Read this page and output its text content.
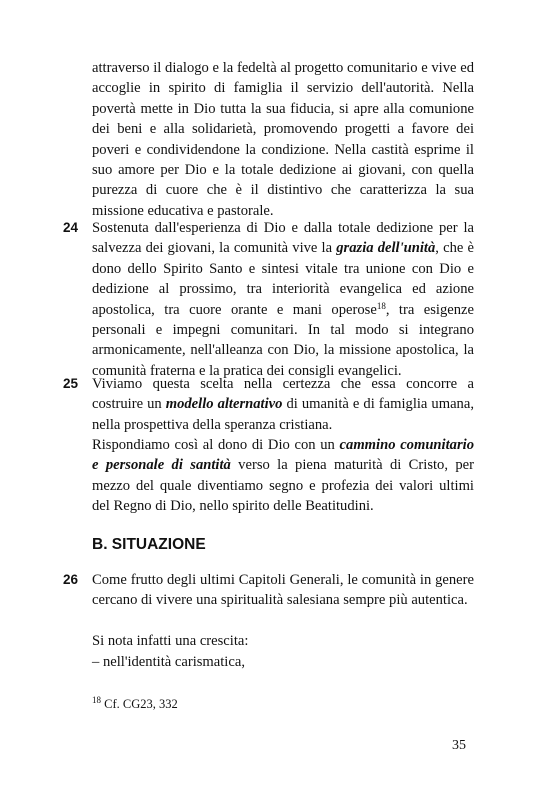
attraverso il dialogo e la fedeltà al progetto comunitario e vive ed accoglie in spirito di famiglia il servizio dell'autorità. Nella povertà mette in Dio tutta la sua fiducia, si apre alla comunione dei beni e alla solidarietà, promovendo progetti a favore dei poveri e condividendone la condizione. Nella castità esprime il suo amore per Dio e la totale dedizione ai giovani, con quella purezza di cuore che è il distintivo che caratterizza la sua missione educativa e pastorale.

24 Sostenuta dall'esperienza di Dio e dalla totale dedizione per la salvezza dei giovani, la comunità vive la grazia dell'unità, che è dono dello Spirito Santo e sintesi vitale tra unione con Dio e dedizione al prossimo, tra interiorità evangelica ed azione apostolica, tra cuore orante e mani operose$^{18}$, tra esigenze personali e impegni comunitari. In tal modo si integrano armonicamente, nell'alleanza con Dio, la missione apostolica, la comunità fraterna e la pratica dei consigli evangelici.

25 Viviamo questa scelta nella certezza che essa concorre a costruire un modello alternativo di umanità e di famiglia umana, nella prospettiva della speranza cristiana.

Rispondiamo così al dono di Dio con un cammino comunitario e personale di santità verso la piena maturità di Cristo, per mezzo del quale diventiamo segno e profezia dei valori ultimi del Regno di Dio, nello spirito delle Beatitudini.

B. SITUAZIONE
26 Come frutto degli ultimi Capitoli Generali, le comunità in genere cercano di vivere una spiritualità salesiana sempre più autentica.

Si nota infatti una crescita:

– nell'identità carismatica,
$^{18}$ Cf. CG23, 332
35
